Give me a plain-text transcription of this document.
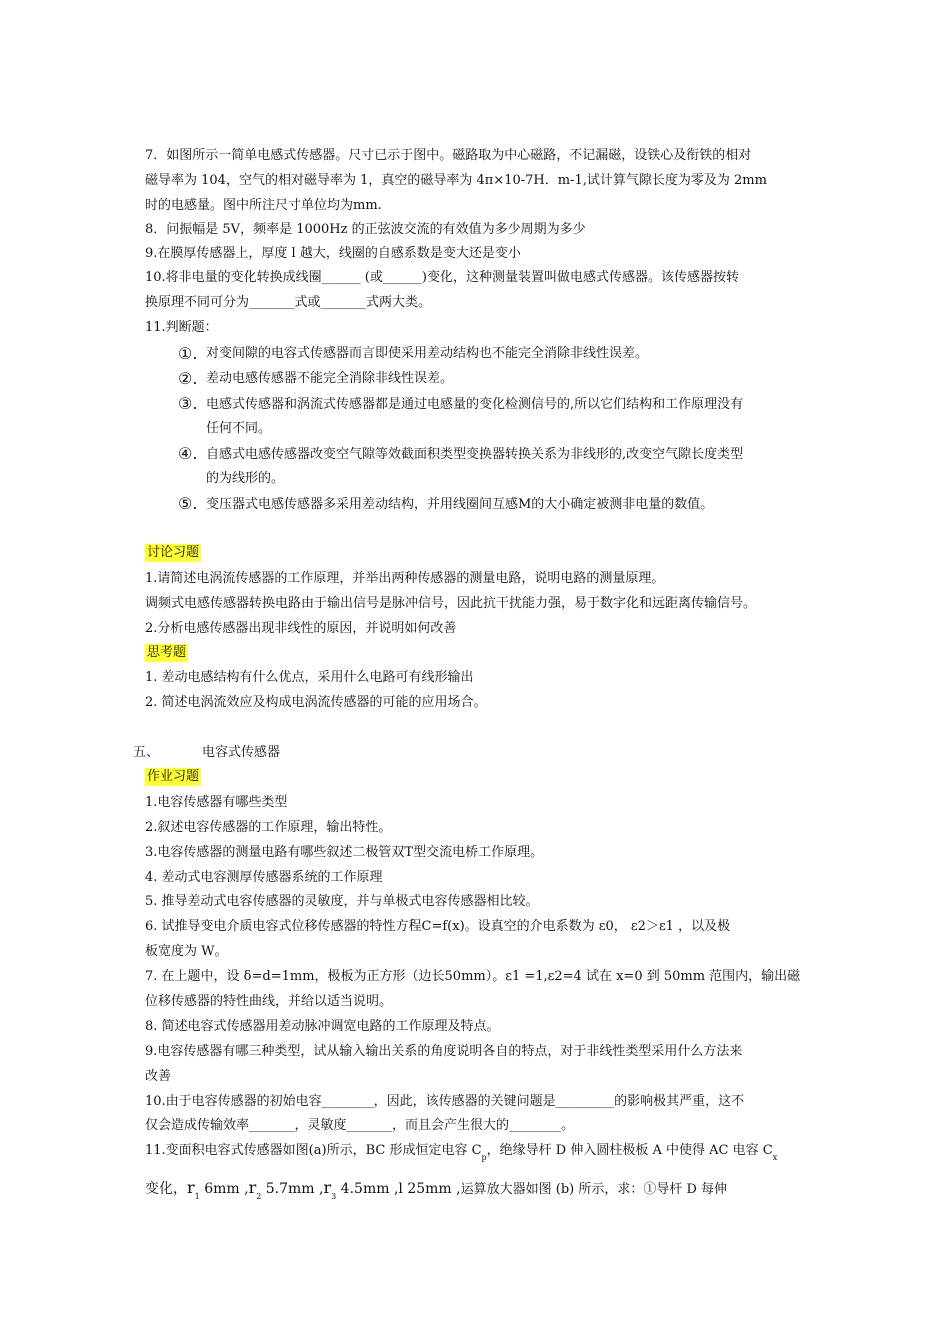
7．如图所示一简单电感式传感器。尺寸已示于图中。磁路取为中心磁路，不记漏磁，设铁心及衔铁的相对
磁导率为 104，空气的相对磁导率为 1，真空的磁导率为 4π×10-7H．m-1,试计算气隙长度为零及为 2mm
时的电感量。图中所注尺寸单位均为mm.
8．问振幅是 5V，频率是 1000Hz 的正弦波交流的有效值为多少周期为多少
9.在膜厚传感器上，厚度 l 越大，线圈的自感系数是变大还是变小
10.将非电量的变化转换成线圈______ (或______)变化，这种测量装置叫做电感式传感器。该传感器按转
换原理不同可分为_______式或_______式两大类。
11.判断题：
①. 对变间隙的电容式传感器而言即使采用差动结构也不能完全消除非线性误差。
②. 差动电感传感器不能完全消除非线性误差。
③. 电感式传感器和涡流式传感器都是通过电感量的变化检测信号的,所以它们结构和工作原理没有
任何不同。
④. 自感式电感传感器改变空气隙等效截面积类型变换器转换关系为非线形的,改变空气隙长度类型
的为线形的。
⑤. 变压器式电感传感器多采用差动结构，并用线圈间互感M的大小确定被测非电量的数值。
讨论习题
1.请简述电涡流传感器的工作原理，并举出两种传感器的测量电路，说明电路的测量原理。
调频式电感传感器转换电路由于输出信号是脉冲信号，因此抗干扰能力强，易于数字化和远距离传输信号。
2.分析电感传感器出现非线性的原因，并说明如何改善
思考题
1. 差动电感结构有什么优点，采用什么电路可有线形输出
2. 简述电涡流效应及构成电涡流传感器的可能的应用场合。
五、	电容式传感器
作业习题
1.电容传感器有哪些类型
2.叙述电容传感器的工作原理，输出特性。
3.电容传感器的测量电路有哪些叙述二极管双T型交流电桥工作原理。
4. 差动式电容测厚传感器系统的工作原理
5. 推导差动式电容传感器的灵敏度，并与单极式电容传感器相比较。
6. 试推导变电介质电容式位移传感器的特性方程C=f(x)。设真空的介电系数为 ε0， ε2＞ε1 ，以及极
板宽度为 W。
7. 在上题中，设 δ=d=1mm，极板为正方形（边长50mm）。ε1 =1,ε2=4 试在 x=0 到 50mm 范围内，输出磁
位移传感器的特性曲线，并给以适当说明。
8. 简述电容式传感器用差动脉冲调宽电路的工作原理及特点。
9.电容传感器有哪三种类型，试从输入输出关系的角度说明各自的特点，对于非线性类型采用什么方法来
改善
10.由于电容传感器的初始电容________，因此，该传感器的关键问题是_________的影响极其严重，这不
仅会造成传输效率_______，灵敏度_______，而且会产生很大的________。
11.变面积电容式传感器如图(a)所示，BC 形成恒定电容 $C_p$，绝缘导杆 D 伸入圆柱极板 A 中使得 AC 电容 $C_x$
变化，$r_1$ 6mm $,r_2$ 5.7mm $,r_3$ 4.5mm ,l 25mm ,运算放大器如图 (b) 所示，求：①导杆 D 每伸
